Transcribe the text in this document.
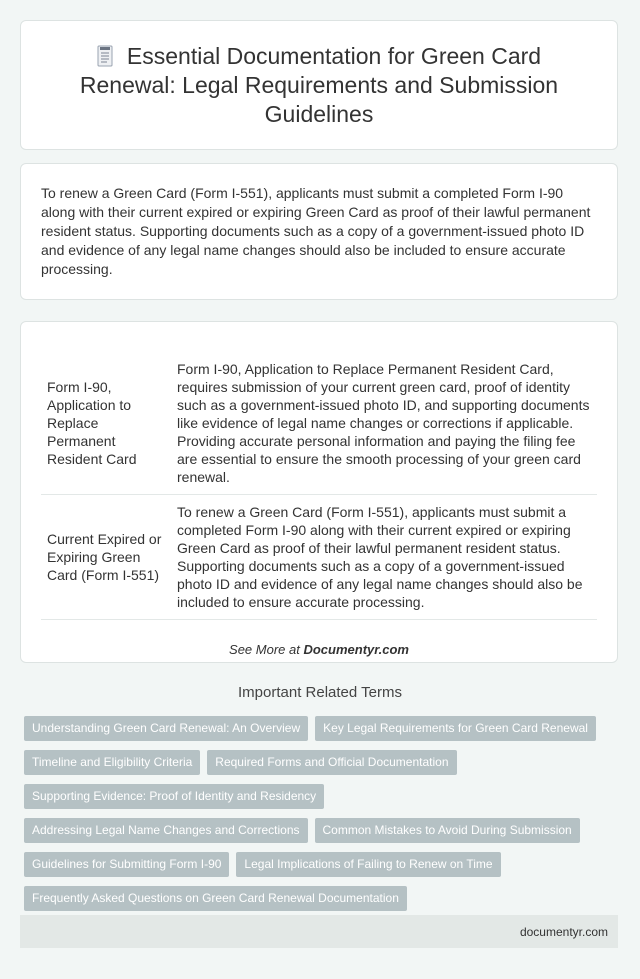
Essential Documentation for Green Card Renewal: Legal Requirements and Submission Guidelines

To renew a Green Card (Form I-551), applicants must submit a completed Form I-90 along with their current expired or expiring Green Card as proof of their lawful permanent resident status. Supporting documents such as a copy of a government-issued photo ID and evidence of any legal name changes should also be included to ensure accurate processing.

Form I-90, Application to Replace Permanent Resident Card	Form I-90, Application to Replace Permanent Resident Card, requires submission of your current green card, proof of identity such as a government-issued photo ID, and supporting documents like evidence of legal name changes or corrections if applicable. Providing accurate personal information and paying the filing fee are essential to ensure the smooth processing of your green card renewal.
Current Expired or Expiring Green Card (Form I-551)	To renew a Green Card (Form I-551), applicants must submit a completed Form I-90 along with their current expired or expiring Green Card as proof of their lawful permanent resident status. Supporting documents such as a copy of a government-issued photo ID and evidence of any legal name changes should also be included to ensure accurate processing.
See More at Documentyr.com
Important Related Terms
Understanding Green Card Renewal: An Overview	Key Legal Requirements for Green Card Renewal
Timeline and Eligibility Criteria	Required Forms and Official Documentation
Supporting Evidence: Proof of Identity and Residency
Addressing Legal Name Changes and Corrections	Common Mistakes to Avoid During Submission
Guidelines for Submitting Form I-90	Legal Implications of Failing to Renew on Time
Frequently Asked Questions on Green Card Renewal Documentation
documentyr.com
